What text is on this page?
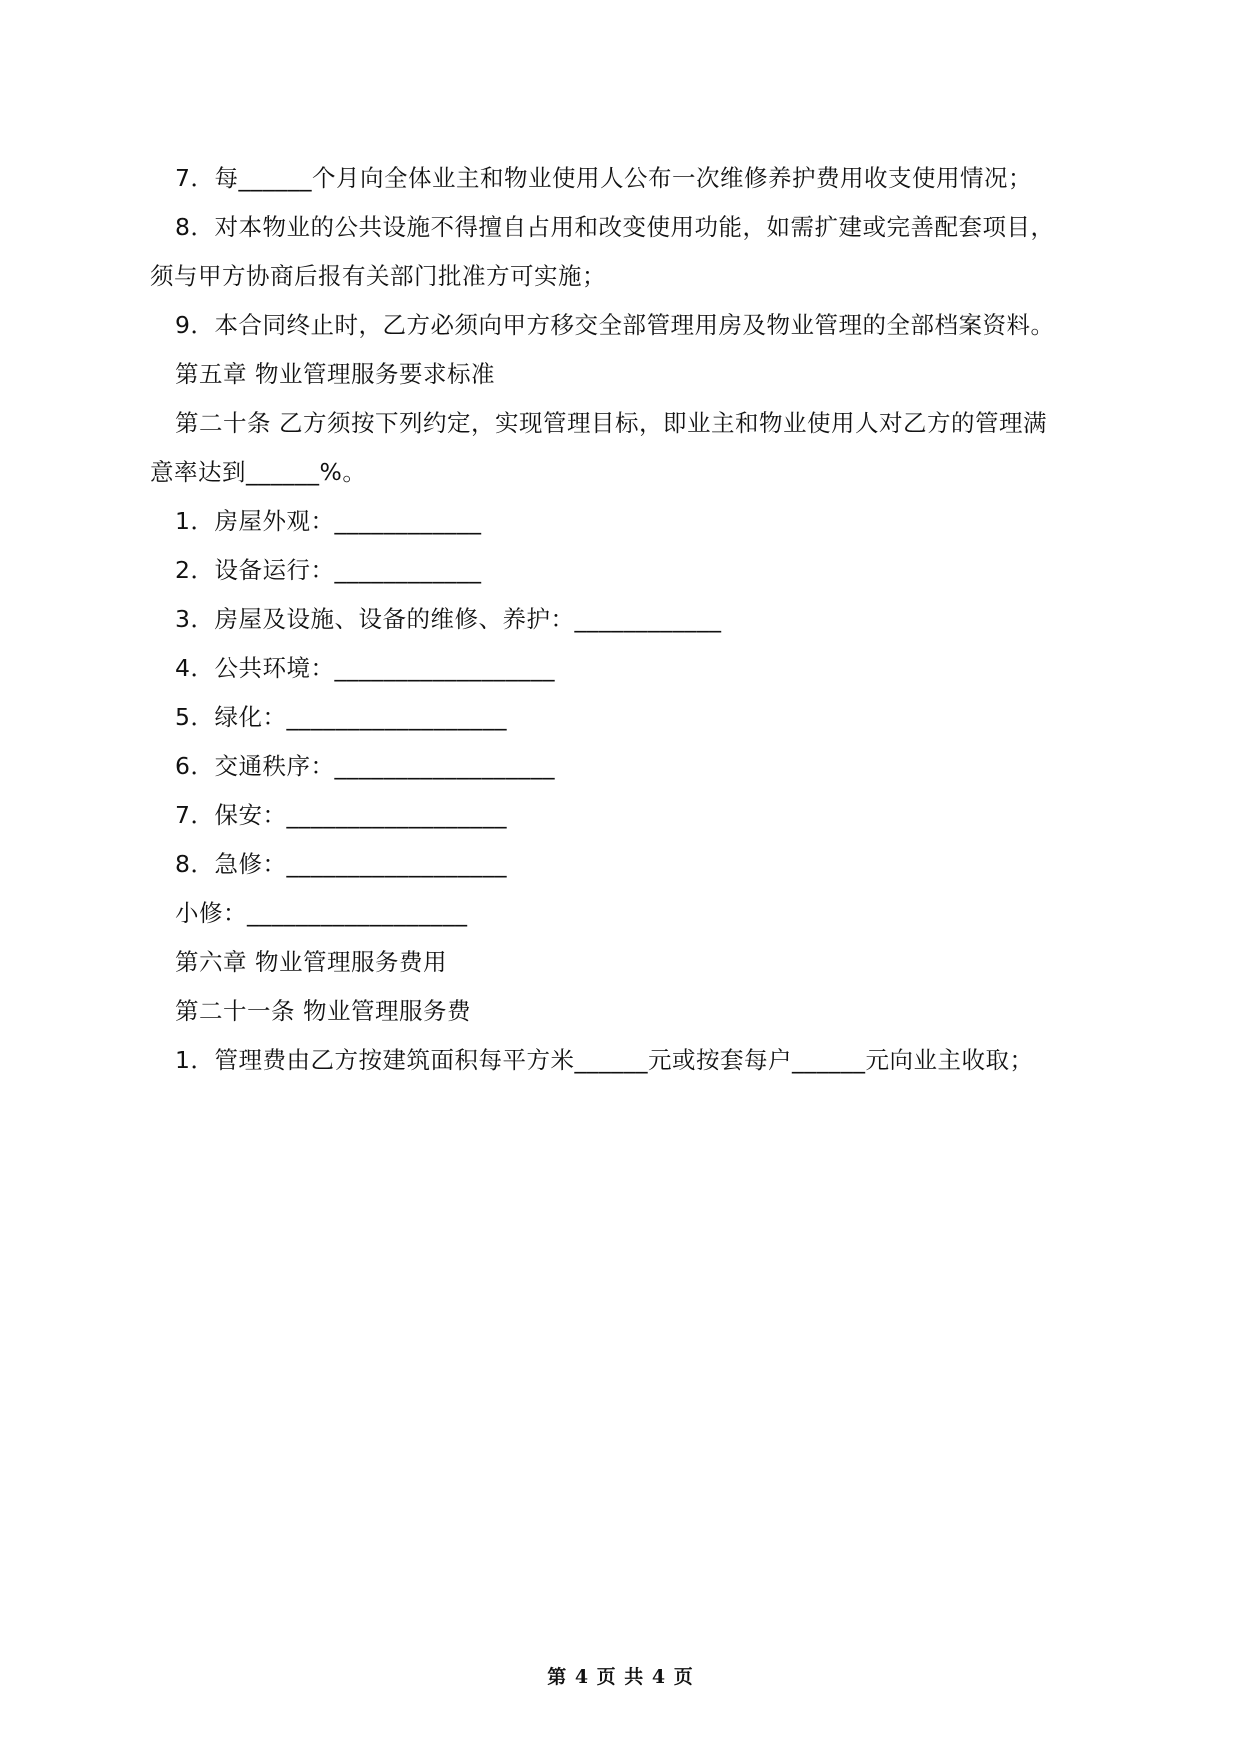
7．每______个月向全体业主和物业使用人公布一次维修养护费用收支使用情况；
8．对本物业的公共设施不得擅自占用和改变使用功能，如需扩建或完善配套项目，
须与甲方协商后报有关部门批准方可实施；
9．本合同终止时，乙方必须向甲方移交全部管理用房及物业管理的全部档案资料。
第五章 物业管理服务要求标准
第二十条 乙方须按下列约定，实现管理目标，即业主和物业使用人对乙方的管理满
意率达到______%。
1．房屋外观：____________
2．设备运行：____________
3．房屋及设施、设备的维修、养护：____________
4．公共环境：__________________
5．绿化：__________________
6．交通秩序：__________________
7．保安：__________________
8．急修：__________________
小修：__________________
第六章 物业管理服务费用
第二十一条 物业管理服务费
1．管理费由乙方按建筑面积每平方米______元或按套每户______元向业主收取；
第 4 页 共 4 页
